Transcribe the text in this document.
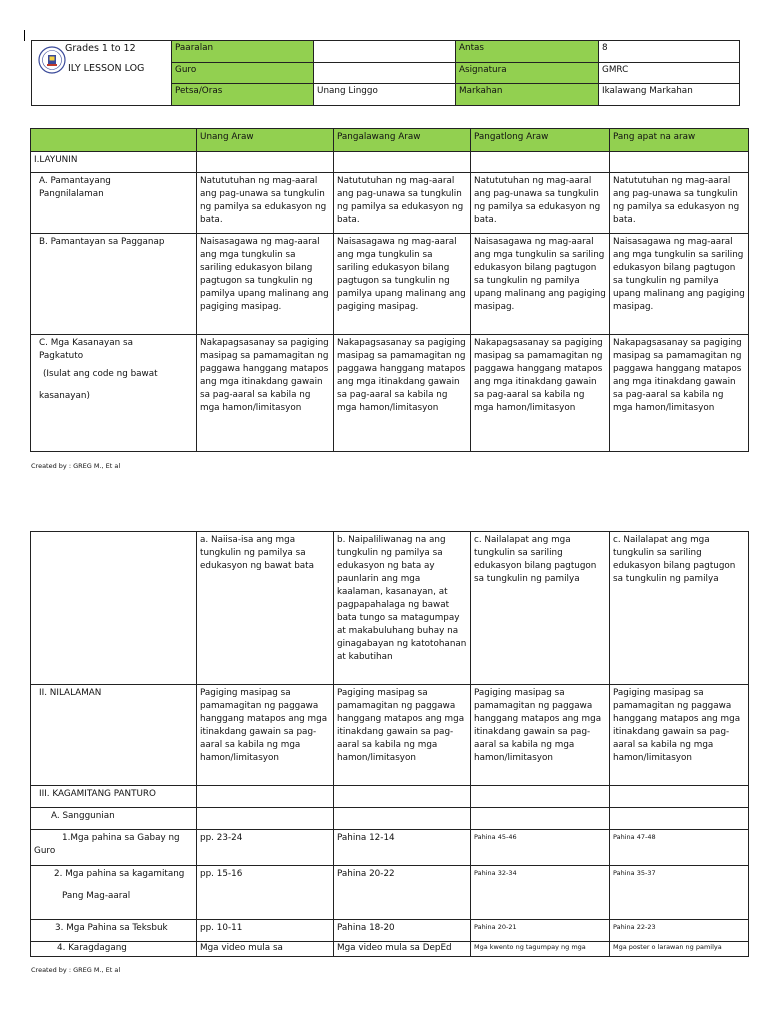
Grades 1 to 12
ILY LESSON LOG	Paaralan		Antas	8
	Guro		Asignatura	GMRC
	Petsa/Oras	Unang Linggo	Markahan	Ikalawang Markahan
	Unang Araw	Pangalawang Araw	Pangatlong Araw	Pang apat na araw
I.LAYUNIN				
A. Pamantayang
Pangnilalaman	Natututuhan ng mag-aaral ang pag-unawa sa tungkulin ng pamilya sa edukasyon ng bata.	Natututuhan ng mag-aaral ang pag-unawa sa tungkulin ng pamilya sa edukasyon ng bata.	Natututuhan ng mag-aaral ang pag-unawa sa tungkulin ng pamilya sa edukasyon ng bata.	Natututuhan ng mag-aaral ang pag-unawa sa tungkulin ng pamilya sa edukasyon ng bata.
B. Pamantayan sa Pagganap	Naisasagawa ng mag-aaral ang mga tungkulin sa sariling edukasyon bilang pagtugon sa tungkulin ng pamilya upang malinang ang pagiging masipag.	Naisasagawa ng mag-aaral ang mga tungkulin sa sariling edukasyon bilang pagtugon sa tungkulin ng pamilya upang malinang ang pagiging masipag.	Naisasagawa ng mag-aaral ang mga tungkulin sa sariling edukasyon bilang pagtugon sa tungkulin ng pamilya upang malinang ang pagiging masipag.	Naisasagawa ng mag-aaral ang mga tungkulin sa sariling edukasyon bilang pagtugon sa tungkulin ng pamilya upang malinang ang pagiging masipag.

C. Mga Kasanayan sa
Pagkatuto
(Isulat ang code ng bawat
kasanayan)	Nakapagsasanay sa pagiging masipag sa pamamagitan ng paggawa hanggang matapos ang mga itinakdang gawain sa pag-aaral sa kabila ng mga hamon/limitasyon	Nakapagsasanay sa pagiging masipag sa pamamagitan ng paggawa hanggang matapos ang mga itinakdang gawain sa pag-aaral sa kabila ng mga hamon/limitasyon	Nakapagsasanay sa pagiging masipag sa pamamagitan ng paggawa hanggang matapos ang mga itinakdang gawain sa pag-aaral sa kabila ng mga hamon/limitasyon	Nakapagsasanay sa pagiging masipag sa pamamagitan ng paggawa hanggang matapos ang mga itinakdang gawain sa pag-aaral sa kabila ng mga hamon/limitasyon
Created by : GREG M., Et al
	a. Naiisa-isa ang mga tungkulin ng pamilya sa edukasyon ng bawat bata	b. Naipaliliwanag na ang tungkulin ng pamilya sa edukasyon ng bata ay paunlarin ang mga kaalaman, kasanayan, at pagpapahalaga ng bawat bata tungo sa matagumpay at makabuluhang buhay na ginagabayan ng katotohanan at kabutihan	c. Nailalapat ang mga tungkulin sa sariling edukasyon bilang pagtugon sa tungkulin ng pamilya	c. Nailalapat ang mga tungkulin sa sariling edukasyon bilang pagtugon sa tungkulin ng pamilya
II. NILALAMAN	Pagiging masipag sa pamamagitan ng paggawa hanggang matapos ang mga itinakdang gawain sa pag-aaral sa kabila ng mga hamon/limitasyon	Pagiging masipag sa pamamagitan ng paggawa hanggang matapos ang mga itinakdang gawain sa pag-aaral sa kabila ng mga hamon/limitasyon	Pagiging masipag sa pamamagitan ng paggawa hanggang matapos ang mga itinakdang gawain sa pag-aaral sa kabila ng mga hamon/limitasyon	Pagiging masipag sa pamamagitan ng paggawa hanggang matapos ang mga itinakdang gawain sa pag-aaral sa kabila ng mga hamon/limitasyon
III. KAGAMITANG PANTURO				
A. Sanggunian				
1.Mga pahina sa Gabay ng Guro	pp. 23-24	Pahina 12-14	Pahina 45-46	Pahina 47-48

2. Mga pahina sa kagamitang
Pang Mag-aaral	pp. 15-16	Pahina 20-22	Pahina 32-34	Pahina 35-37
3. Mga Pahina sa Teksbuk	pp. 10-11	Pahina 18-20	Pahina 20-21	Pahina 22-23
4. Karagdagang	Mga video mula sa	Mga video mula sa DepEd	Mga kwento ng tagumpay ng mga	Mga poster o larawan ng pamilya
Created by : GREG M., Et al
